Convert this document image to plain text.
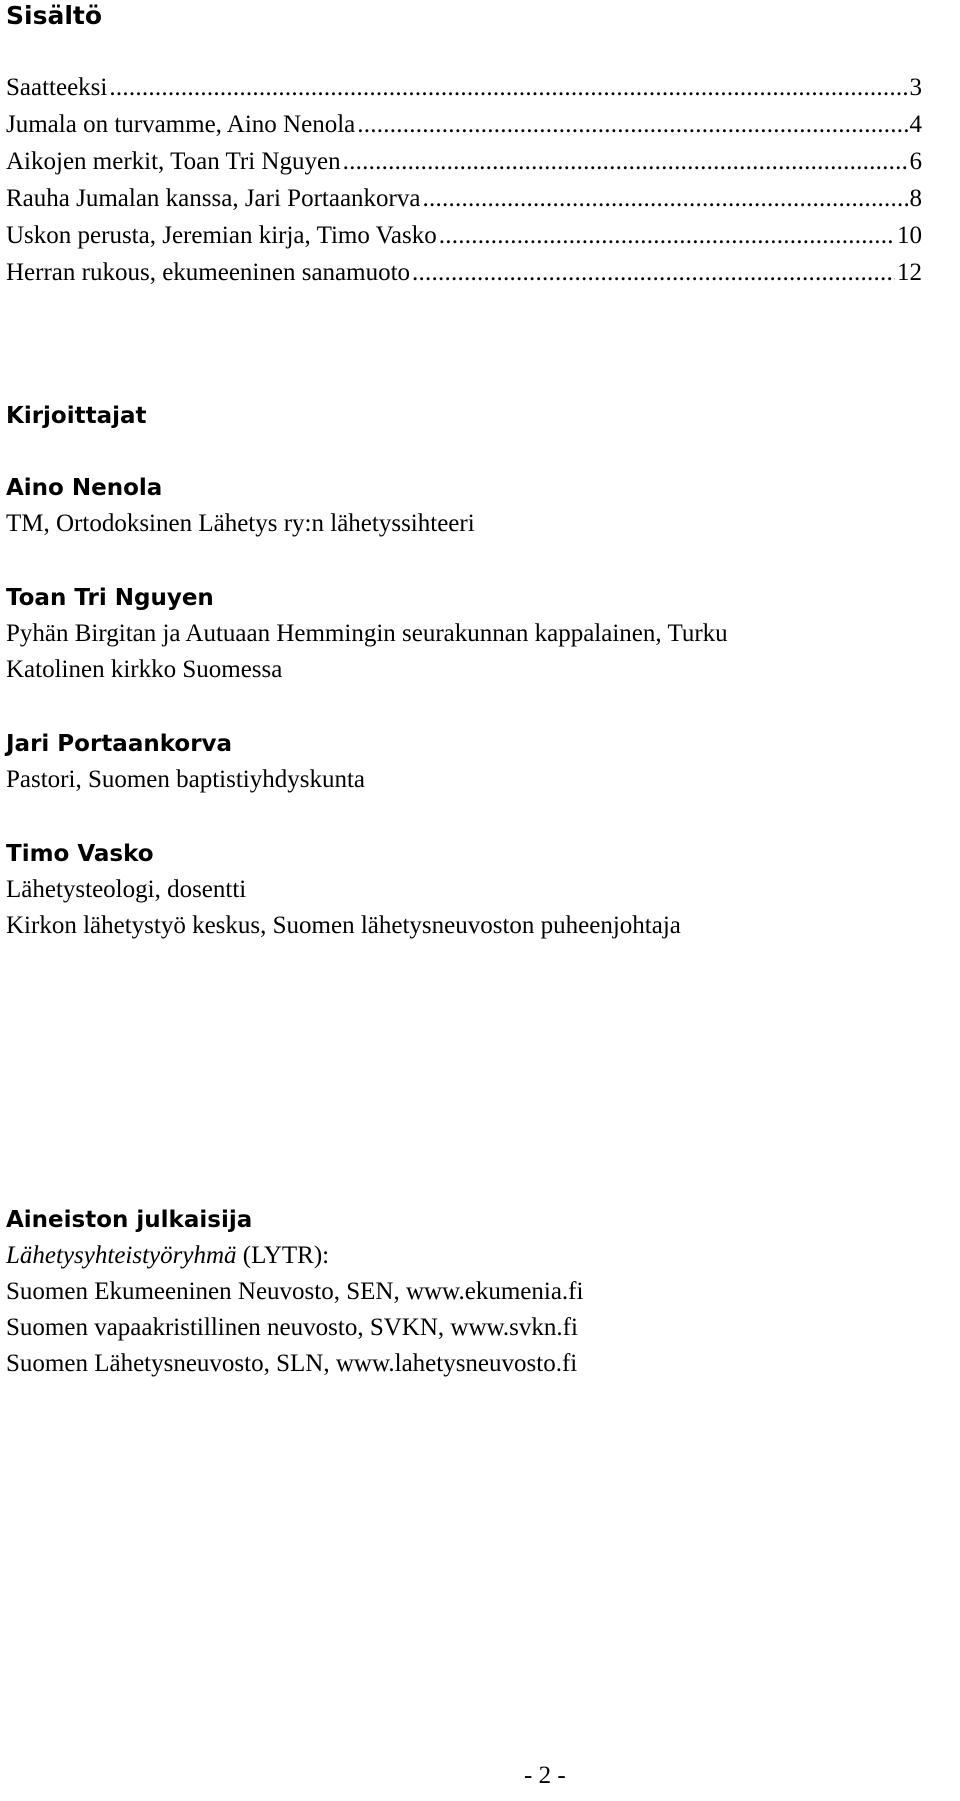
Sisältö
Saatteeksi . . .	3
Jumala on turvamme, Aino Nenola . . .	4
Aikojen merkit, Toan Tri Nguyen . . .	6
Rauha Jumalan kanssa, Jari Portaankorva . . .	8
Uskon perusta, Jeremian kirja, Timo Vasko . . .	10
Herran rukous, ekumeeninen sanamuoto . . .	12
Kirjoittajat
Aino Nenola
TM, Ortodoksinen Lähetys ry:n lähetyssihteeri
Toan Tri Nguyen
Pyhän Birgitan ja Autuaan Hemmingin seurakunnan kappalainen, Turku
Katolinen kirkko Suomessa
Jari Portaankorva
Pastori, Suomen baptistiyhdyskunta
Timo Vasko
Lähetysteologi, dosentti
Kirkon lähetystyö keskus, Suomen lähetysneuvoston puheenjohtaja
Aineiston julkaisija
Lähetysyhteistyöryhmä (LYTR):
Suomen Ekumeeninen Neuvosto, SEN, www.ekumenia.fi
Suomen vapaakristillinen neuvosto, SVKN, www.svkn.fi
Suomen Lähetysneuvosto, SLN, www.lahetysneuvosto.fi
- 2 -
